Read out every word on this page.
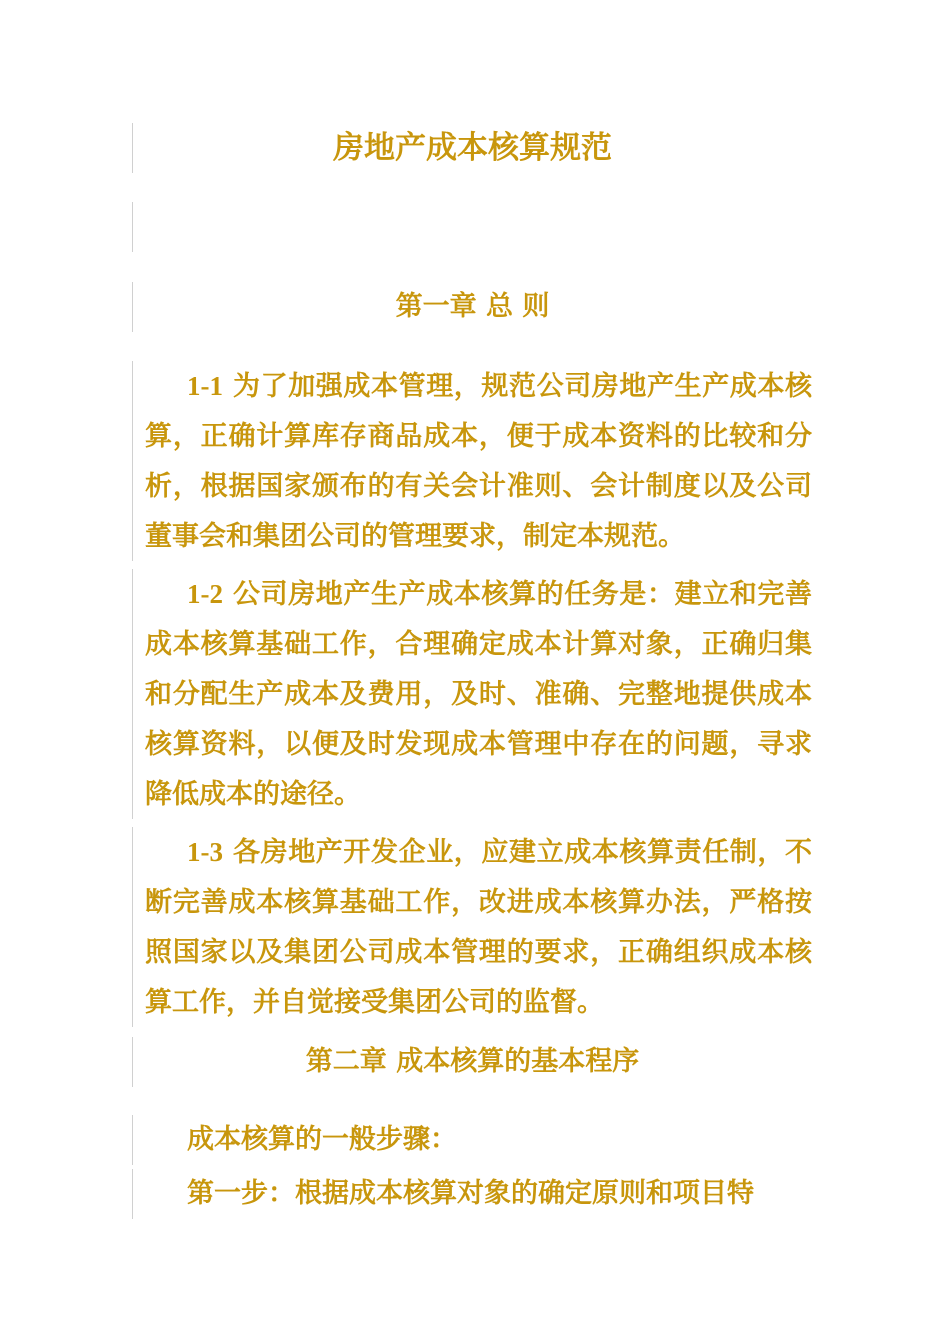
房地产成本核算规范
第一章 总 则
1-1 为了加强成本管理，规范公司房地产生产成本核算，正确计算库存商品成本，便于成本资料的比较和分析，根据国家颁布的有关会计准则、会计制度以及公司董事会和集团公司的管理要求，制定本规范。
1-2 公司房地产生产成本核算的任务是：建立和完善成本核算基础工作，合理确定成本计算对象，正确归集和分配生产成本及费用，及时、准确、完整地提供成本核算资料，以便及时发现成本管理中存在的问题，寻求降低成本的途径。
1-3 各房地产开发企业，应建立成本核算责任制，不断完善成本核算基础工作，改进成本核算办法，严格按照国家以及集团公司成本管理的要求，正确组织成本核算工作，并自觉接受集团公司的监督。
第二章 成本核算的基本程序
成本核算的一般步骤：
第一步：根据成本核算对象的确定原则和项目特
